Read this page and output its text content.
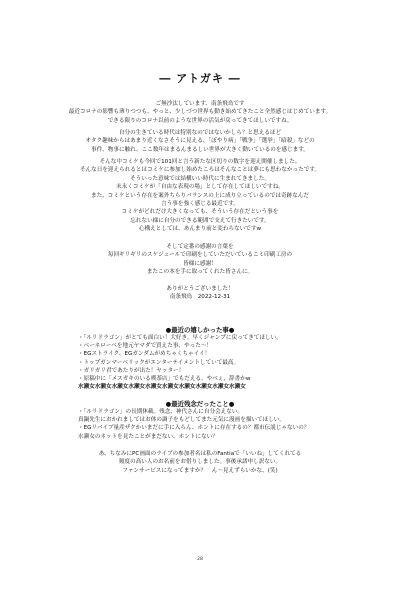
― アトガキ ―

ご無沙汰しています、南条飛鳥です

最近コロナの影響も薄りつつも、やっと、少しづつ世界も動き始めてきたこと全然感じはじめています。

できる限りのコロナ以前のような世界の活気が戻ってきてほしいですね。

自分の生きている時代は特別なのではないかしら？と思えるほど

オタク趣味からはあまり近くなさそうに見える、「ぼやり病」「戦争」「選挙」「暗殺」などの

事件、物事に触れ、ここ数年はまるんまるしい世界が大きく動いているのを感じます。

そんな中コミケも今回で101回と言う新たな区切りの数字を迎え開催しました。

そんな日を迎えられるとはコミケに参加し始めたころはそんなことは夢にも思わなかったです。

そういった意味では結構いい時代に生まれてきました。

末永くコミケが「自由な表現の場」として存在してほしいですね。

また、コミケという存在を案外ちらりバランスの上に成り立っているのでは奇跡なんだ

言う事を強く感じる最近です。

コミケがどれだけ大きくなっても、そういう存在だという事を

忘れない様に自分のできる範囲で支えて行きたいです。

心構えとしては、あんまり前と変わらないですw

そして定番の感謝の言葉を

毎回ギリギリのスケジュールで印刷をしていただいているこミ印刷工房の

皆様に感謝！

またこの本を手に取ってくれた皆さんに。

ありがとうございました！

南条飛鳥　2022-12-31

●最近の嬉しかった事●

・「ルリドラゴン」がとても面白い！大好き。早くジャンプに戻ってきてほしい。

・ベーネローベを地元ヤマダで買えた事、やった～！

・EGストライク、EGガンダムがめちゃくちゃイイ！

・トップガンマーベリックがエンターテイメントしていて最高。

・ガリガリ君であたりが出た！ヤッター！

・原稿中に「メスガキのいる喫茶店」でもだえる、やべぇ、辞書かw

水瀬女水瀬女水瀬女水瀬女水瀬女水瀬女水瀬女水瀬女水瀬女水瀬女

●最近残念だったこと●

・「ルリドラゴン」の長期休載。残念、神代さんに自分会えない。

真鍋先生におかれましてはお体の調子をもどしてまた元気に漫画を描いてほしい。

・EGリバイブ量産ザクかいまだに手に入らん、ホントに存在するの？都市伝説じゃないの？

水瀬女のネットを見たことがまだない、ホントにない？

あ、ちなみにPC画面のライブの参加者名は私のFantiaで「いいね」してくれてる

頻度の高い人のお名前をお借りしました。事後承諾申し訳ない。

ファンサービスになってますか？　ん～見えずらいかな、(笑)

28
